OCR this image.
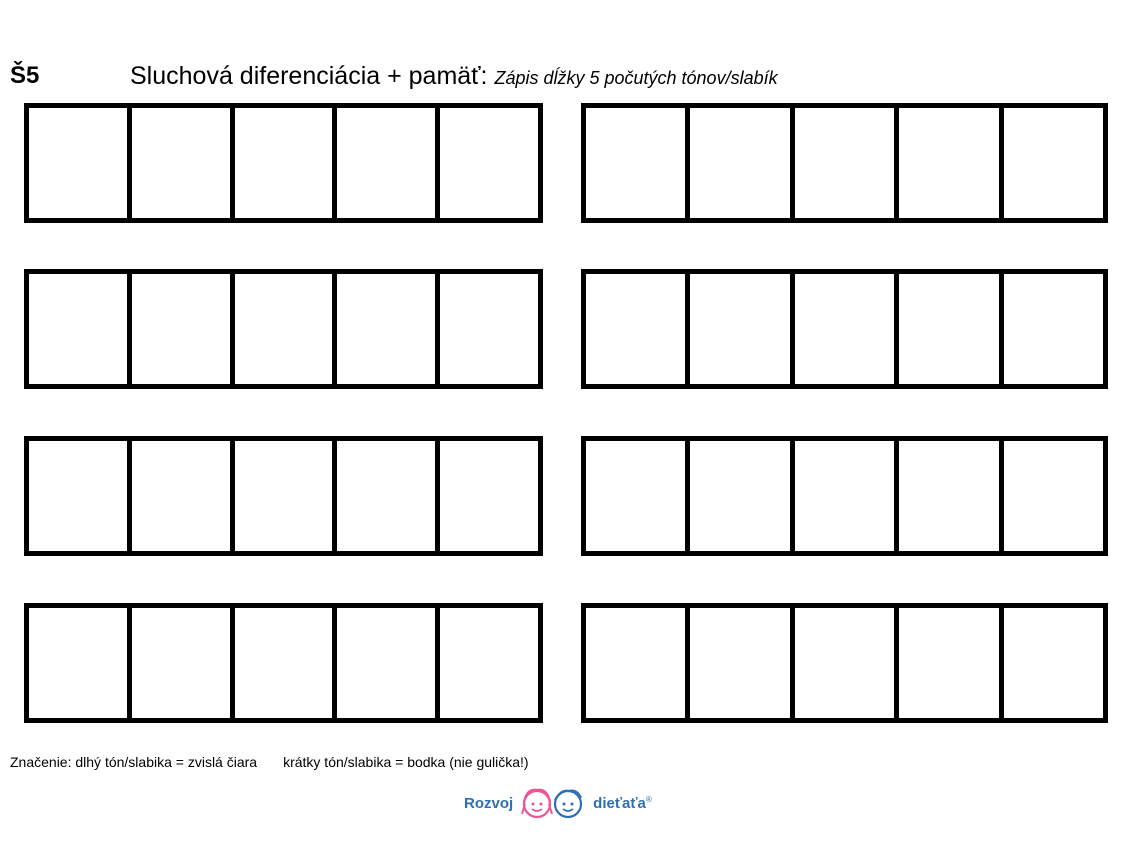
Š5	Sluchová diferenciácia + pamäť: Zápis dĺžky 5 počutých tónov/slabík
Značenie: dlhý tón/slabika = zvislá čiara krátky tón/slabika = bodka (nie gulička!)
Rozvoj	dieťaťa ®
